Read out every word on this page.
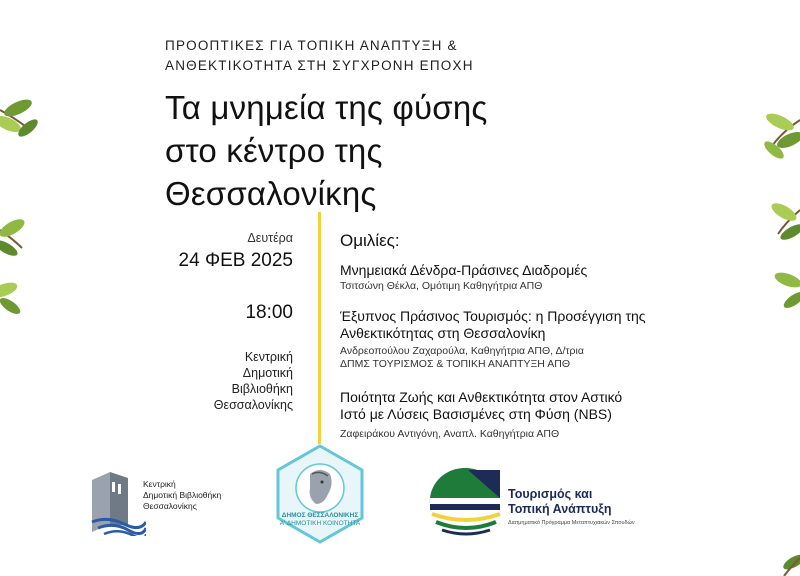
ΠΡΟΟΠΤΙΚΕΣ ΓΙΑ ΤΟΠΙΚΗ ΑΝΑΠΤΥΞΗ &
ΑΝΘΕΚΤΙΚΟΤΗΤΑ ΣΤΗ ΣΥΓΧΡΟΝΗ ΕΠΟΧΗ
Τα μνημεία της φύσης
στο κέντρο της
Θεσσαλονίκης
Δευτέρα
24 ΦΕΒ 2025
18:00
Κεντρική
Δημοτική
Βιβλιοθήκη
Θεσσαλονίκης
Ομιλίες:
Μνημειακά Δένδρα-Πράσινες Διαδρομές
Τσιτσώνη Θέκλα, Ομότιμη Καθηγήτρια ΑΠΘ
Έξυπνος Πράσινος Τουρισμός: η Προσέγγιση της
Ανθεκτικότητας στη Θεσσαλονίκη
Ανδρεοπούλου Ζαχαρούλα, Καθηγήτρια ΑΠΘ, Δ/τρια
ΔΠΜΣ ΤΟΥΡΙΣΜΟΣ & ΤΟΠΙΚΗ ΑΝΑΠΤΥΞΗ ΑΠΘ
Ποιότητα Ζωής και Ανθεκτικότητα στον Αστικό
Ιστό με Λύσεις Βασισμένες στη Φύση (NBS)
Ζαφειράκου Αντιγόνη, Αναπλ. Καθηγήτρια ΑΠΘ
Κεντρική
Δημοτική Βιβλιοθήκη
Θεσσαλονίκης
ΔΗΜΟΣ ΘΕΣΣΑΛΟΝΙΚΗΣ
Α' ΔΗΜΟΤΙΚΗ ΚΟΙΝΟΤΗΤΑ
Τουρισμός και
Τοπική Ανάπτυξη
Διατμηματικό Πρόγραμμα Μεταπτυχιακών Σπουδών
